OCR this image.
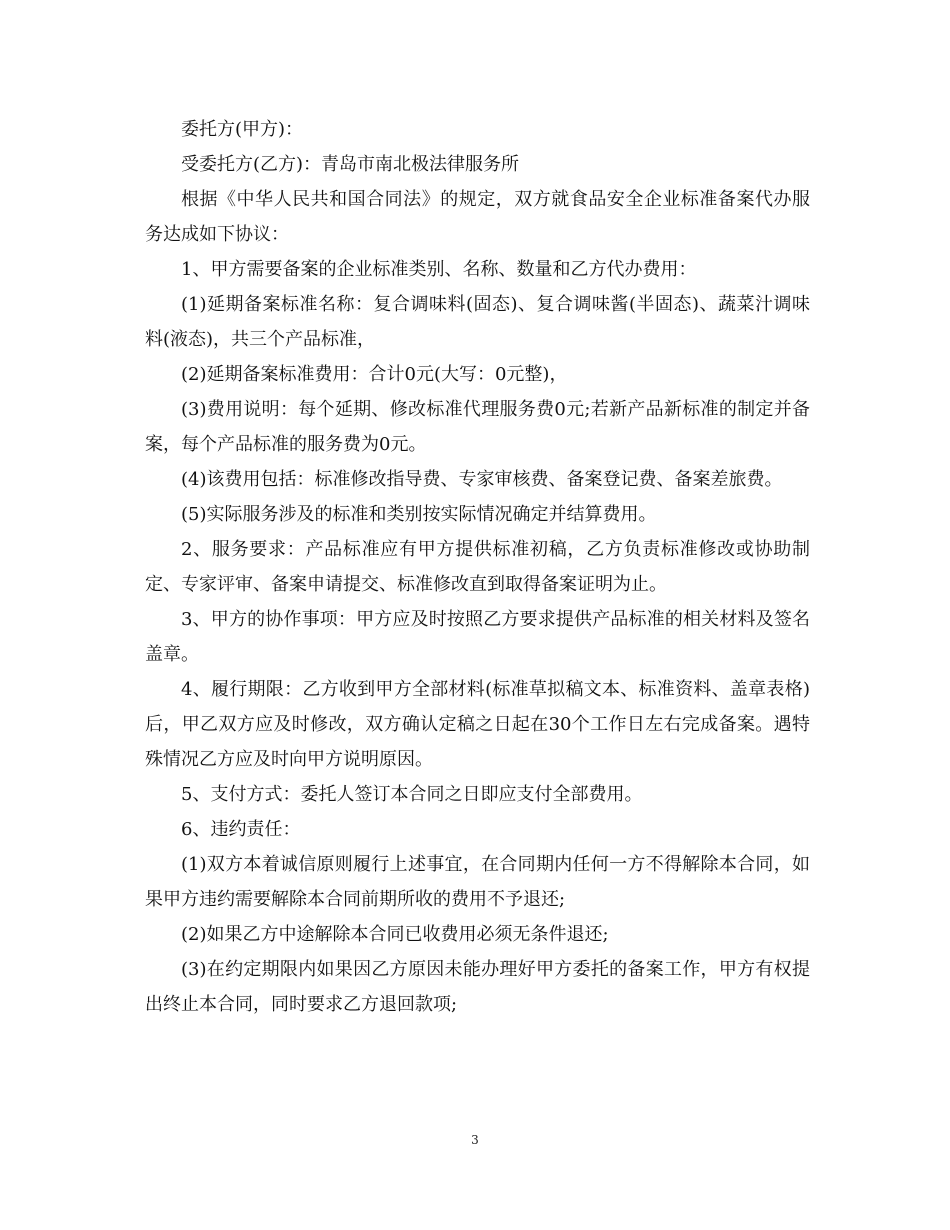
委托方(甲方)：

受委托方(乙方)：青岛市南北极法律服务所

根据《中华人民共和国合同法》的规定，双方就食品安全企业标准备案代办服务达成如下协议：

1、甲方需要备案的企业标准类别、名称、数量和乙方代办费用：

(1)延期备案标准名称：复合调味料(固态)、复合调味酱(半固态)、蔬菜汁调味料(液态)，共三个产品标准，

(2)延期备案标准费用：合计0元(大写：0元整)，

(3)费用说明：每个延期、修改标准代理服务费0元;若新产品新标准的制定并备案，每个产品标准的服务费为0元。

(4)该费用包括：标准修改指导费、专家审核费、备案登记费、备案差旅费。

(5)实际服务涉及的标准和类别按实际情况确定并结算费用。

2、服务要求：产品标准应有甲方提供标准初稿，乙方负责标准修改或协助制定、专家评审、备案申请提交、标准修改直到取得备案证明为止。

3、甲方的协作事项：甲方应及时按照乙方要求提供产品标准的相关材料及签名盖章。

4、履行期限：乙方收到甲方全部材料(标准草拟稿文本、标准资料、盖章表格)后，甲乙双方应及时修改，双方确认定稿之日起在30个工作日左右完成备案。遇特殊情况乙方应及时向甲方说明原因。

5、支付方式：委托人签订本合同之日即应支付全部费用。

6、违约责任：

(1)双方本着诚信原则履行上述事宜，在合同期内任何一方不得解除本合同，如果甲方违约需要解除本合同前期所收的费用不予退还;

(2)如果乙方中途解除本合同已收费用必须无条件退还;

(3)在约定期限内如果因乙方原因未能办理好甲方委托的备案工作，甲方有权提出终止本合同，同时要求乙方退回款项;

3
